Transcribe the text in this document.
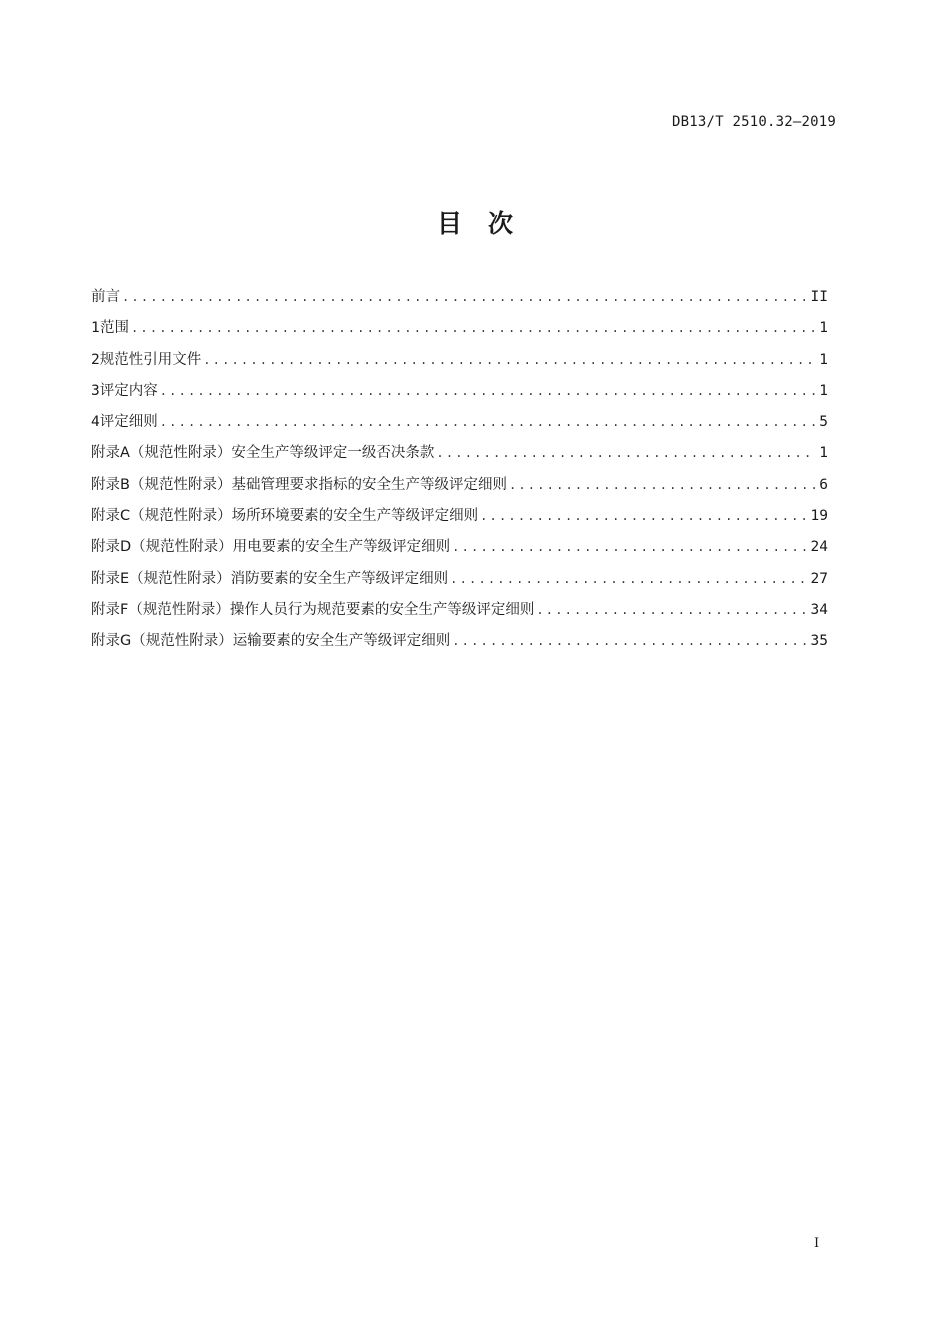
DB13/T 2510.32—2019
目 次
前言 .....	II
1 范围 .....	1
2 规范性引用文件 .....	1
3 评定内容 .....	1
4 评定细则 .....	5
附录A（规范性附录） 安全生产等级评定一级否决条款 .....	1
附录B（规范性附录） 基础管理要求指标的安全生产等级评定细则 .....	6
附录C（规范性附录） 场所环境要素的安全生产等级评定细则 .....	19
附录D（规范性附录） 用电要素的安全生产等级评定细则 .....	24
附录E（规范性附录） 消防要素的安全生产等级评定细则 .....	27
附录F（规范性附录） 操作人员行为规范要素的安全生产等级评定细则 .....	34
附录G（规范性附录） 运输要素的安全生产等级评定细则 .....	35
I
